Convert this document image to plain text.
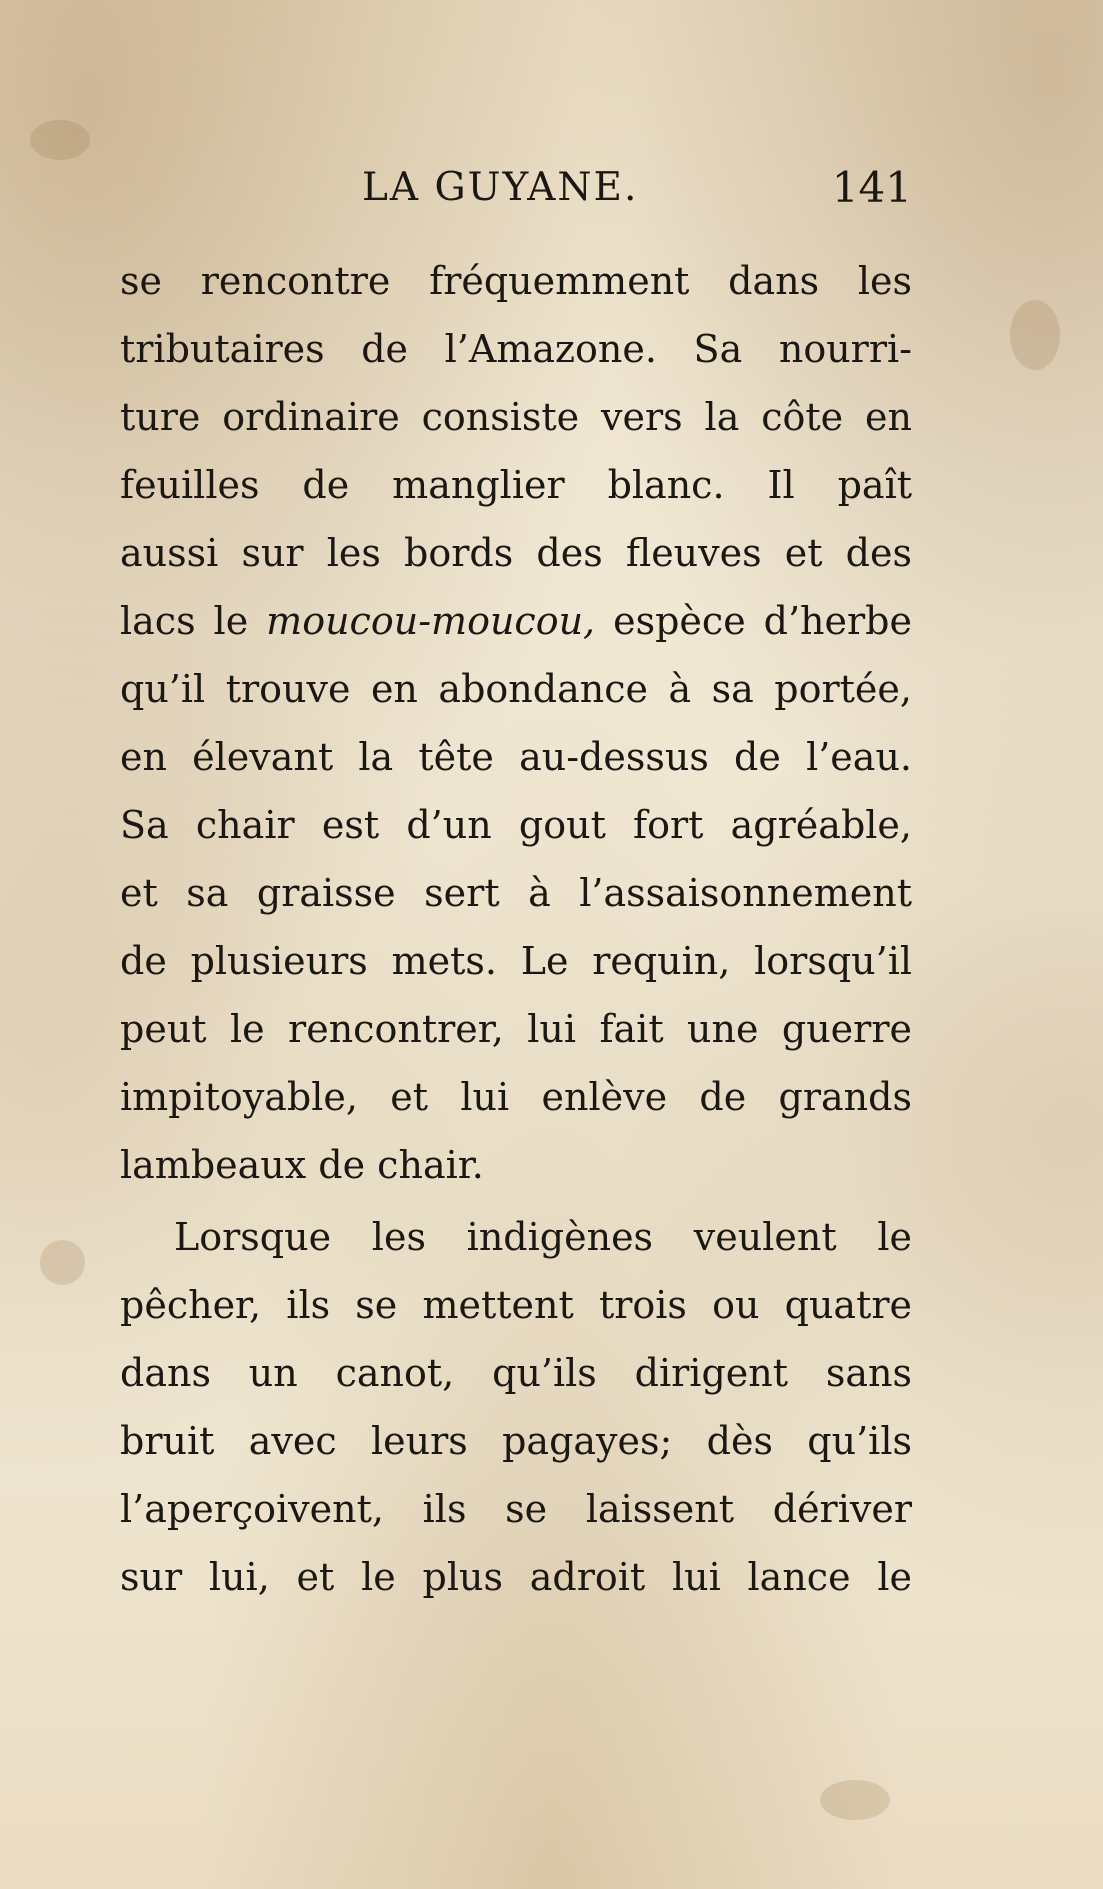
LA GUYANE.	141
se rencontre fréquemment dans les
tributaires de l’Amazone. Sa nourri-
ture ordinaire consiste vers la côte en
feuilles de manglier blanc. Il paît
aussi sur les bords des fleuves et des
lacs le moucou-moucou, espèce d’herbe
qu’il trouve en abondance à sa portée,
en élevant la tête au-dessus de l’eau.
Sa chair est d’un gout fort agréable,
et sa graisse sert à l’assaisonnement
de plusieurs mets. Le requin, lorsqu’il
peut le rencontrer, lui fait une guerre
impitoyable, et lui enlève de grands
lambeaux de chair.
Lorsque les indigènes veulent le
pêcher, ils se mettent trois ou quatre
dans un canot, qu’ils dirigent sans
bruit avec leurs pagayes; dès qu’ils
l’aperçoivent, ils se laissent dériver
sur lui, et le plus adroit lui lance le
